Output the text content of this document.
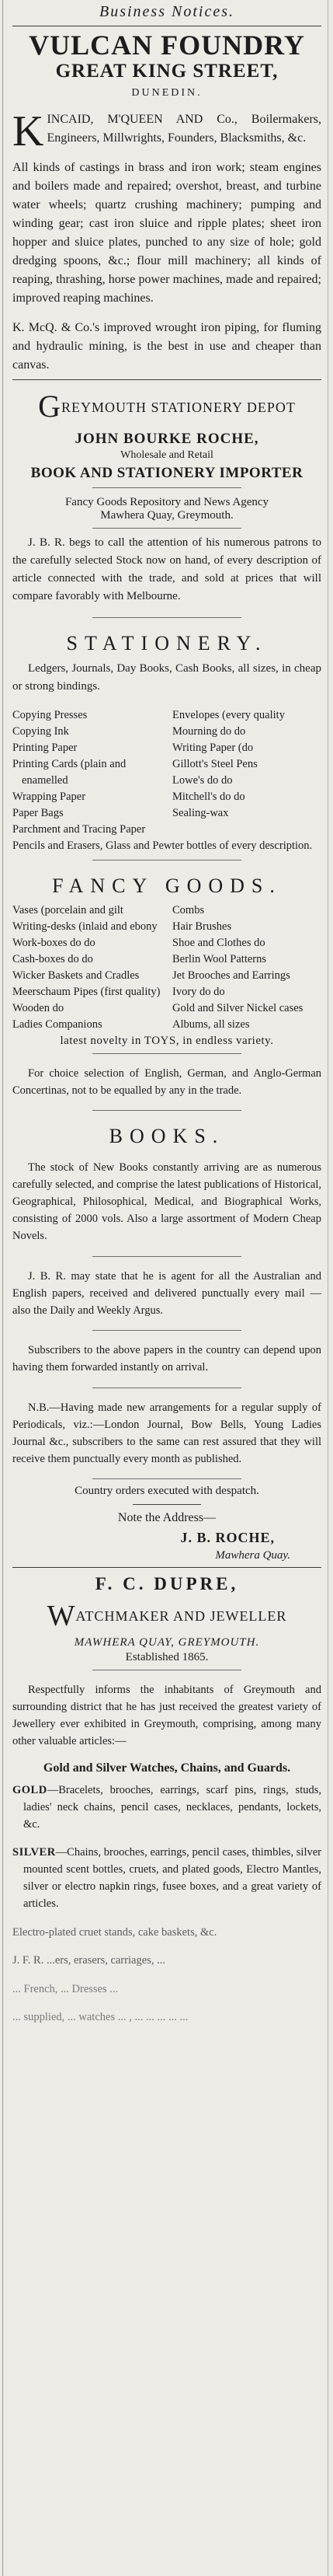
Business Notices.
VULCAN FOUNDRY
GREAT KING STREET,
DUNEDIN.

KINCAID, M'QUEEN AND Co., Boilermakers, Engineers, Millwrights, Founders, Blacksmiths, &c.

All kinds of castings in brass and iron work; steam engines and boilers made and repaired; overshot, breast, and turbine water wheels; quartz crushing machinery; pumping and winding gear; cast iron sluice and ripple plates; sheet iron hopper and sluice plates, punched to any size of hole; gold dredging spoons, &c.; flour mill machinery; all kinds of reaping, thrashing, horse power machines, made and repaired; improved reaping machines.

K. McQ. & Co.'s improved wrought iron piping, for fluming and hydraulic mining, is the best in use and cheaper than canvas.

GREYMOUTH STATIONERY DEPOT
JOHN BOURKE ROCHE,
Wholesale and Retail
BOOK AND STATIONERY IMPORTER
Fancy Goods Repository and News Agency
Mawhera Quay, Greymouth.

J. B. R. begs to call the attention of his numerous patrons to the carefully selected Stock now on hand, of every description of article connected with the trade, and sold at prices that will compare favorably with Melbourne.

STATIONERY.

Ledgers, Journals, Day Books, Cash Books, all sizes, in cheap or strong bindings.

Copying Presses
Copying Ink
Printing Paper
Printing Cards (plain and enamelled
Wrapping Paper
Paper Bags
Parchment and Tracing Paper
Envelopes (every quality
Mourning do do
Writing Paper (do
Gillott's Steel Pens
Lowe's do do
Mitchell's do do
Sealing-wax
Pencils and Erasers, Glass and Pewter bottles of every description.
FANCY GOODS.
Vases (porcelain and gilt
Writing-desks (inlaid and ebony
Work-boxes do do
Cash-boxes do do
Wicker Baskets and Cradles
Meerschaum Pipes (first quality)
Wooden do
Ladies Companions
Combs
Hair Brushes
Shoe and Clothes do
Berlin Wool Patterns
Jet Brooches and Earrings
Ivory do do
Gold and Silver Nickel cases
Albums, all sizes
latest novelty in TOYS, in endless variety.

For choice selection of English, German, and Anglo-German Concertinas, not to be equalled by any in the trade.

BOOKS.

The stock of New Books constantly arriving are as numerous carefully selected, and comprise the latest publications of Historical, Geographical, Philosophical, Medical, and Biographical Works, consisting of 2000 vols. Also a large assortment of Modern Cheap Novels.

J. B. R. may state that he is agent for all the Australian and English papers, received and delivered punctually every mail — also the Daily and Weekly Argus.

Subscribers to the above papers in the country can depend upon having them forwarded instantly on arrival.

N.B.—Having made new arrangements for a regular supply of Periodicals, viz.:—London Journal, Bow Bells, Young Ladies Journal &c., subscribers to the same can rest assured that they will receive them punctually every month as published.

Country orders executed with despatch.
Note the Address—
J. B. ROCHE,
Mawhera Quay.
F. C. DUPRE,
WATCHMAKER AND JEWELLER
MAWHERA QUAY, GREYMOUTH.
Established 1865.

Respectfully informs the inhabitants of Greymouth and surrounding district that he has just received the greatest variety of Jewellery ever exhibited in Greymouth, comprising, among many other valuable articles:—

Gold and Silver Watches, Chains, and Guards.

GOLD—Bracelets, brooches, earrings, scarf pins, rings, studs, ladies' neck chains, pencil cases, necklaces, pendants, lockets, &c.

SILVER—Chains, brooches, earrings, pencil cases, thimbles, silver mounted scent bottles, cruets, and plated goods, Electro Mantles, silver or electro napkin rings, fusee boxes, and a great variety of articles.

Electro-plated cruet stands, cake baskets, &c.

J. F. R. ...ers, erasers, carriages, ...

... French, ... Dresses ...

... supplied, ... watches ... , ... ... ... ... ...
